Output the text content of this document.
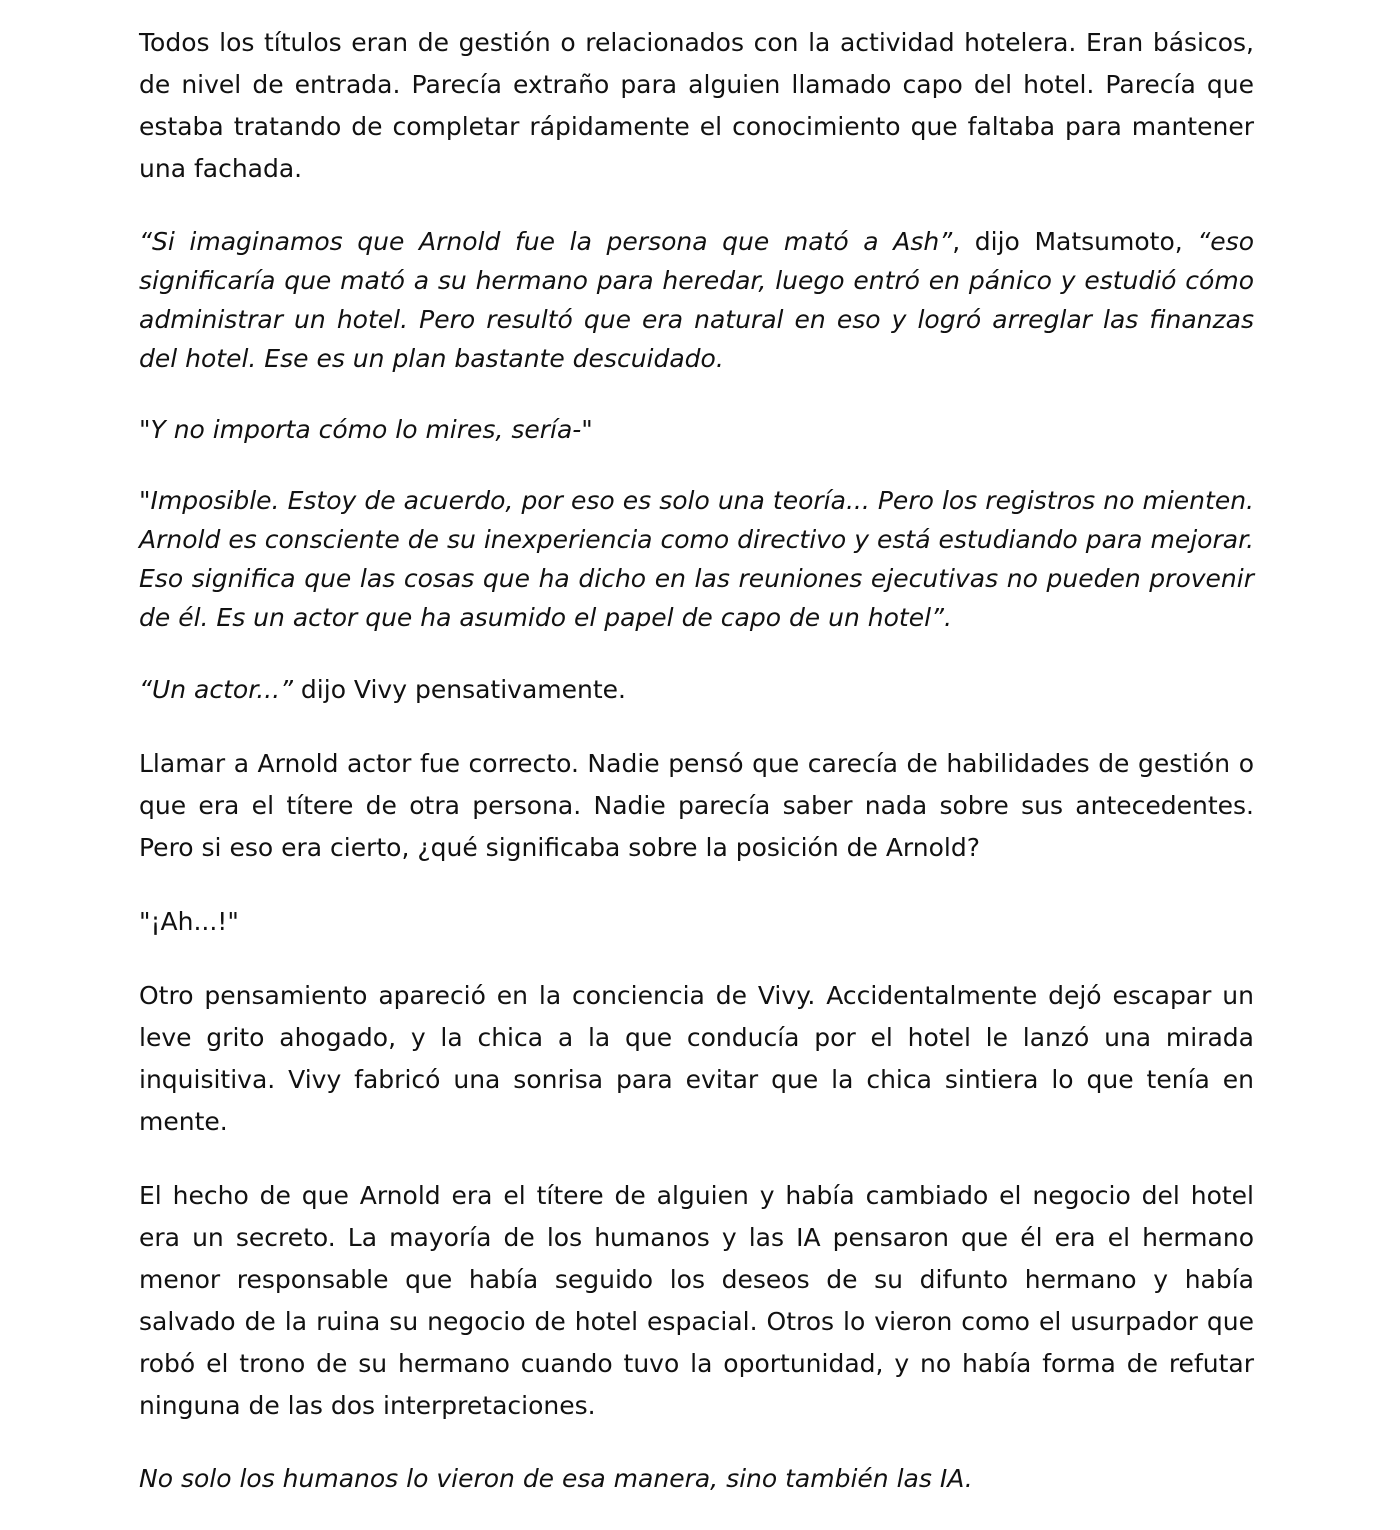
Todos los títulos eran de gestión o relacionados con la actividad hotelera. Eran básicos, de nivel de entrada. Parecía extraño para alguien llamado capo del hotel. Parecía que estaba tratando de completar rápidamente el conocimiento que faltaba para mantener una fachada.

“Si imaginamos que Arnold fue la persona que mató a Ash”, dijo Matsumoto, “eso significaría que mató a su hermano para heredar, luego entró en pánico y estudió cómo administrar un hotel. Pero resultó que era natural en eso y logró arreglar las finanzas del hotel. Ese es un plan bastante descuidado.

"Y no importa cómo lo mires, sería-"

"Imposible. Estoy de acuerdo, por eso es solo una teoría... Pero los registros no mienten. Arnold es consciente de su inexperiencia como directivo y está estudiando para mejorar. Eso significa que las cosas que ha dicho en las reuniones ejecutivas no pueden provenir de él. Es un actor que ha asumido el papel de capo de un hotel”.

“Un actor...” dijo Vivy pensativamente.

Llamar a Arnold actor fue correcto. Nadie pensó que carecía de habilidades de gestión o que era el títere de otra persona. Nadie parecía saber nada sobre sus antecedentes. Pero si eso era cierto, ¿qué significaba sobre la posición de Arnold?

"¡Ah...!"

Otro pensamiento apareció en la conciencia de Vivy. Accidentalmente dejó escapar un leve grito ahogado, y la chica a la que conducía por el hotel le lanzó una mirada inquisitiva. Vivy fabricó una sonrisa para evitar que la chica sintiera lo que tenía en mente.

El hecho de que Arnold era el títere de alguien y había cambiado el negocio del hotel era un secreto. La mayoría de los humanos y las IA pensaron que él era el hermano menor responsable que había seguido los deseos de su difunto hermano y había salvado de la ruina su negocio de hotel espacial. Otros lo vieron como el usurpador que robó el trono de su hermano cuando tuvo la oportunidad, y no había forma de refutar ninguna de las dos interpretaciones.

No solo los humanos lo vieron de esa manera, sino también las IA.
